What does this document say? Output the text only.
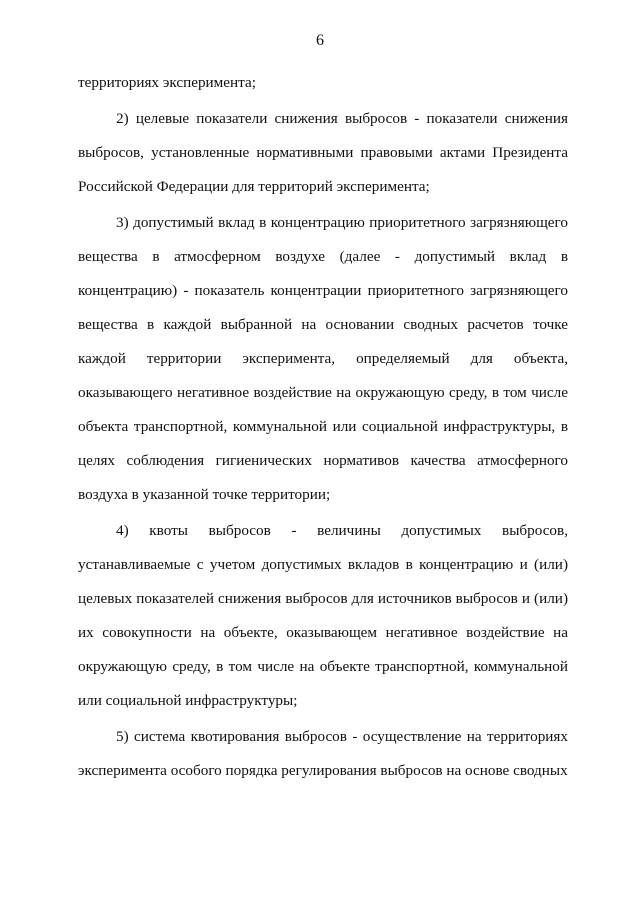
6

территориях эксперимента;

2) целевые показатели снижения выбросов - показатели снижения выбросов, установленные нормативными правовыми актами Президента Российской Федерации для территорий эксперимента;

3) допустимый вклад в концентрацию приоритетного загрязняющего вещества в атмосферном воздухе (далее - допустимый вклад в концентрацию) - показатель концентрации приоритетного загрязняющего вещества в каждой выбранной на основании сводных расчетов точке каждой территории эксперимента, определяемый для объекта, оказывающего негативное воздействие на окружающую среду, в том числе объекта транспортной, коммунальной или социальной инфраструктуры, в целях соблюдения гигиенических нормативов качества атмосферного воздуха в указанной точке территории;

4) квоты выбросов - величины допустимых выбросов, устанавливаемые с учетом допустимых вкладов в концентрацию и (или) целевых показателей снижения выбросов для источников выбросов и (или) их совокупности на объекте, оказывающем негативное воздействие на окружающую среду, в том числе на объекте транспортной, коммунальной или социальной инфраструктуры;

5) система квотирования выбросов - осуществление на территориях эксперимента особого порядка регулирования выбросов на основе сводных
